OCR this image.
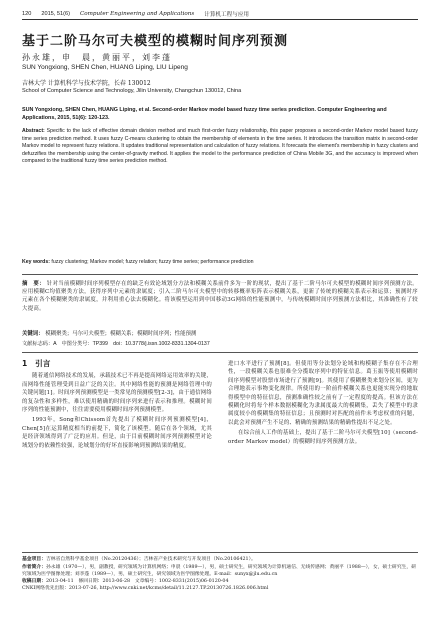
120 2015, 51(6) Computer Engineering and Applications 计算机工程与应用
基于二阶马尔可夫模型的模糊时间序列预测
孙永雄，申　晨，黄丽平，刘李蓬
SUN Yongxiong, SHEN Chen, HUANG Liping, LIU Lipeng
吉林大学 计算机科学与技术学院，长春 130012
School of Computer Science and Technology, Jilin University, Changchun 130012, China
SUN Yongxiong, SHEN Chen, HUANG Liping, et al. Second-order Markov model based fuzzy time series prediction. Computer Engineering and Applications, 2015, 51(6): 120-123.
Abstract: Specific to the lack of effective domain division method and much first-order fuzzy relationship, this paper proposes a second-order Markov model based fuzzy time series prediction method. It uses fuzzy C-means clustering to obtain the membership of elements in the time series. It introduces the transition matrix in second-order Markov model to represent fuzzy relations. It updates traditional representation and calculation of fuzzy relations. It forecasts the element's membership in fuzzy clusters and defuzzifies the membership using the center-of-gravity method. It applies the model to the performance prediction of China Mobile 3G, and the accuracy is improved when compared to the traditional fuzzy time series prediction method.
Key words: fuzzy clustering; Markov model; fuzzy relation; fuzzy time series; performance prediction
摘　要： 针对当前模糊时间序列模型存在的缺乏有效论域划分方法和模糊关系前件多为一阶的现状，提出了基于二阶马尔可夫模型的模糊时间序列预测方法。应用模糊C均值聚类方法，获得序列中元素的隶属度；引入二阶马尔可夫模型中的转移概率矩阵表示模糊关系，更新了传统的模糊关系表示和运算；预测时序元素在各个模糊聚类的隶属度，并利用重心法去模糊化。将该模型运用到中国移动3G网络的性能预测中，与传统模糊时间序列预测方法相比，其准确性有了较大提高。
关键词： 模糊聚类；马尔可夫模型；模糊关系；模糊时间序列；性能预测
文献标志码：A　中图分类号：TP399　doi：10.3778/j.issn.1002-8331.1304-0137
1　引言

随着通信网络技术的发展，承载技术已不再是提高网络运用效率的关键，而网络性能管理受到日益广泛的关注。其中网络性能的预测是网络管理中的关键问题[1]。时间序列预测模型是一类常见的预测模型[2-3]，由于通信网络的复杂性和多样性，难以使用精确的时间序列来进行表示和推理。模糊时间序列的性能预测中，往往需要使用模糊时间序列预测模型。

1993年，Song和Chissom首先提出了模糊时间序列预测模型[4]，Chen[5]在运算精度相当的前提下，简化了该模型。随后在各个领域，尤其是经济领域得到了广泛的应用。但是，由于目前模糊时间序列预测模型对论域划分的依赖性较强，论域划分的好坏直接影响到预测结果的精度。

进口水平进行了预测[8]。但使用等分法划分论域和构模糊子集存在不合理性，一段模糊关系也很难全分揽取序列中的特征信息。葛玉振等使用模糊时间序列模型对股票市场进行了预测[9]。其使用了模糊聚类来划分区间，更为合理地表示事物变化规律。所使用的一阶前件模糊关系也更能实现分的地取得模型中的特征信息，预测准确性较之前有了一定程度的提高。但该方法在模糊化时将每个样本数据模糊化为隶属度最大的模糊集，丢失了模型中的隶属度较小的模糊集的特征信息；且预测时对匹配的前件未考虑权重的问题，以此会对预测产生不足的、精确的预测结果的精确性提出不足之处。

在综合前人工作的基础上，提出了基于二阶马尔可夫模型[10]（second-order Markov model）的模糊时间序列预测方法。

基金项目：吉林省自然科学基金项目（No.20120436）；吉林省产业技术研究与开发项目（No.20106421）。
作者简介：孙永雄（1970—），男，副教授，研究领域为计算机网络；申晨（1989—），男，硕士研究生，研究领域为计算机通信、无线传感网；黄丽平（1988—），女，硕士研究生，研究领域为医学图像处理；刘李蓬（1989—），男，硕士研究生，研究领域为医学图像处理。E-mail：sunyx@jlu.edu.cn
收稿日期：2013-04-11　修回日期：2013-06-28　文章编号：1002-8331(2015)06-0120-04
CNKI网络优先出版：2013-07-26, http://www.cnki.net/kcms/detail/11.2127.TP.20130726.1826.006.html
